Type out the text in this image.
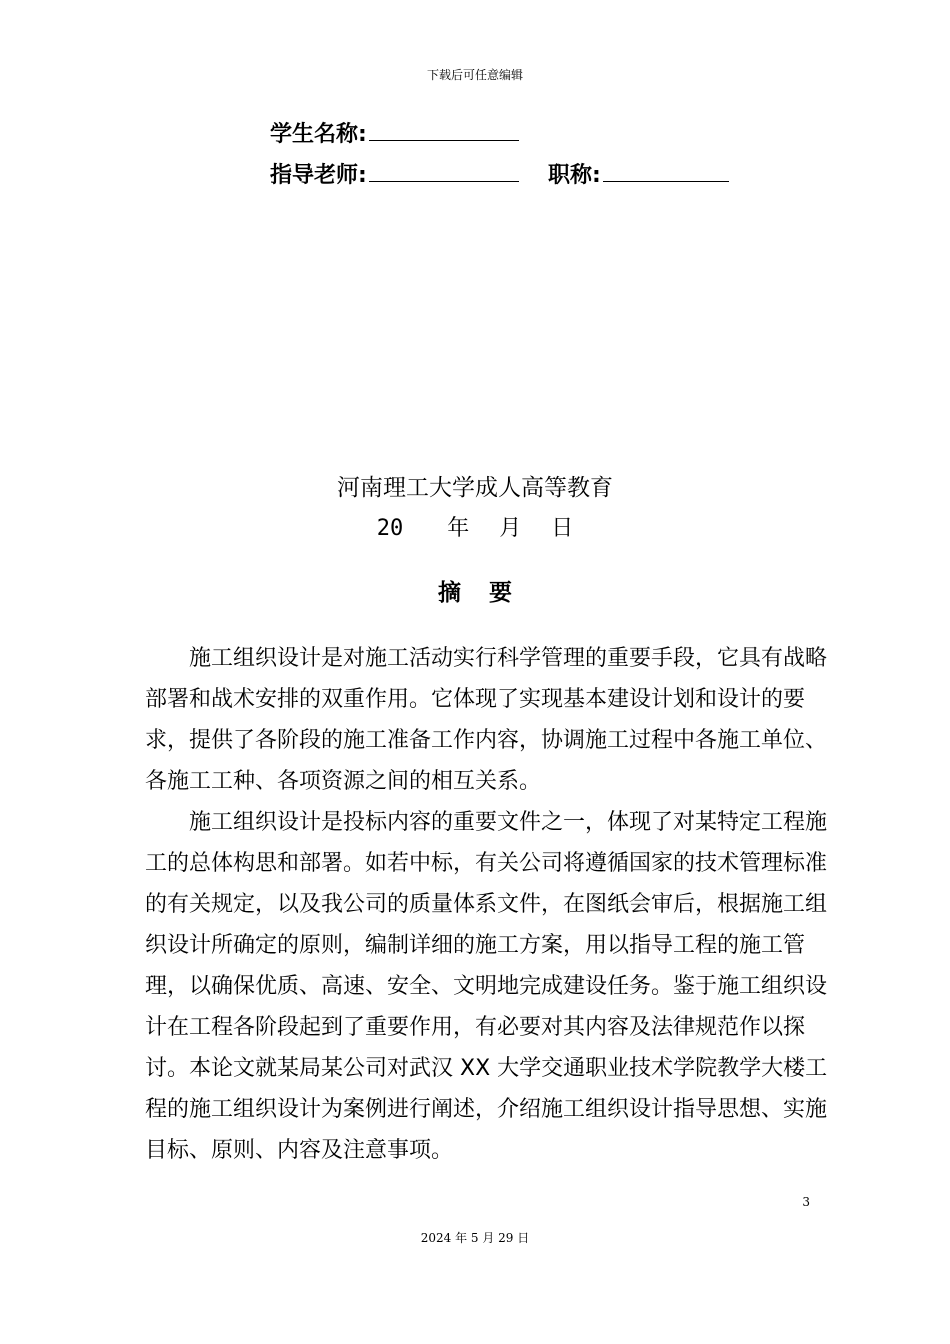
下载后可任意编辑
学生名称:
指导老师:	职称:
河南理工大学成人高等教育
20 年 月 日
摘要

施工组织设计是对施工活动实行科学管理的重要手段，它具有战略部署和战术安排的双重作用。它体现了实现基本建设计划和设计的要求，提供了各阶段的施工准备工作内容，协调施工过程中各施工单位、各施工工种、各项资源之间的相互关系。

施工组织设计是投标内容的重要文件之一，体现了对某特定工程施工的总体构思和部署。如若中标，有关公司将遵循国家的技术管理标准的有关规定，以及我公司的质量体系文件，在图纸会审后，根据施工组织设计所确定的原则，编制详细的施工方案，用以指导工程的施工管理，以确保优质、高速、安全、文明地完成建设任务。鉴于施工组织设计在工程各阶段起到了重要作用，有必要对其内容及法律规范作以探讨。本论文就某局某公司对武汉 XX 大学交通职业技术学院教学大楼工程的施工组织设计为案例进行阐述，介绍施工组织设计指导思想、实施目标、原则、内容及注意事项。

3
2024 年 5 月 29 日
